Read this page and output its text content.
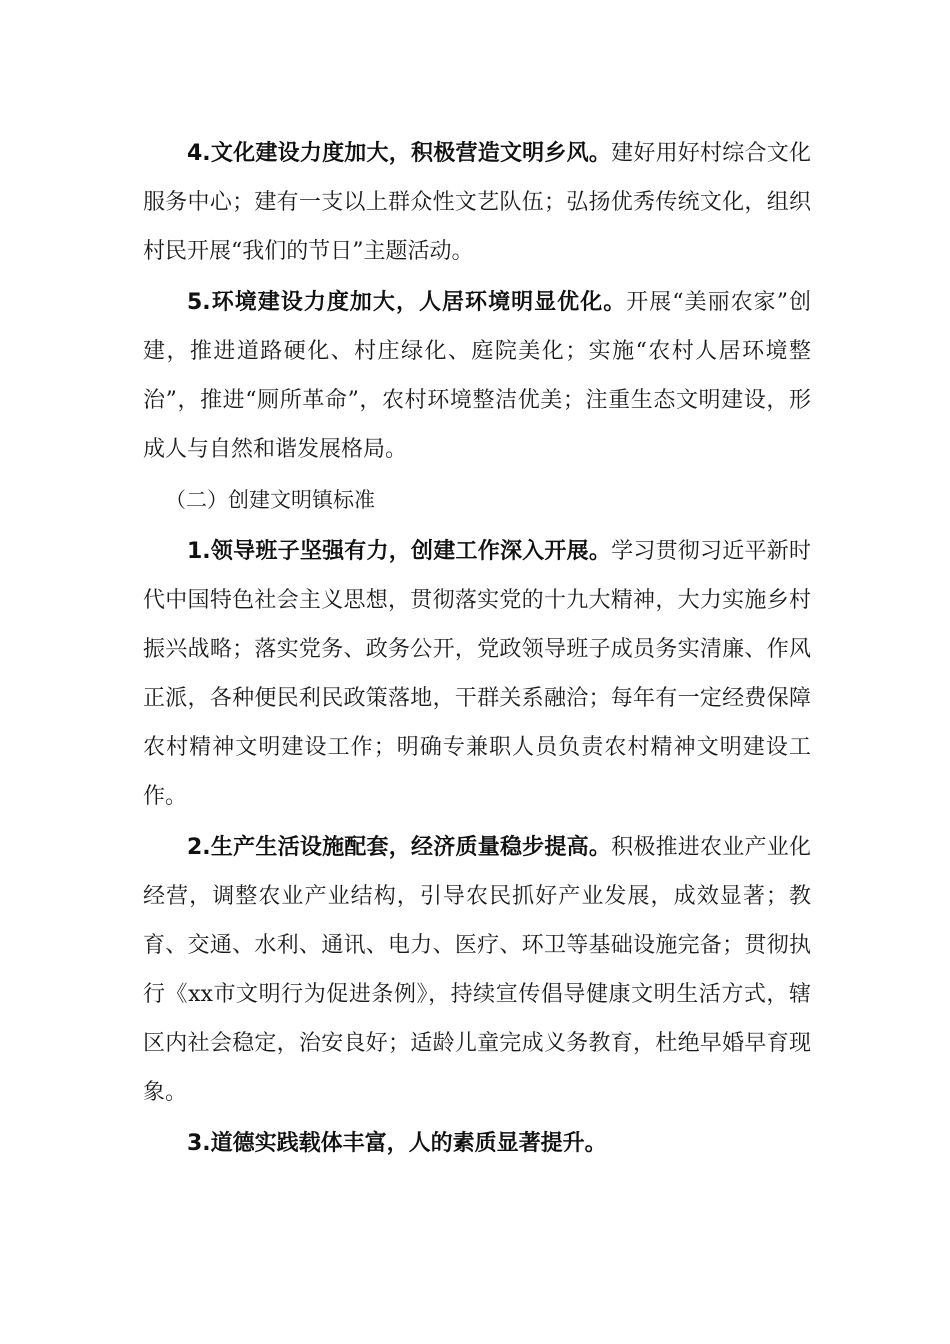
4.文化建设力度加大，积极营造文明乡风。建好用好村综合文化服务中心；建有一支以上群众性文艺队伍；弘扬优秀传统文化，组织村民开展“我们的节日”主题活动。

5.环境建设力度加大，人居环境明显优化。开展“美丽农家”创建，推进道路硬化、村庄绿化、庭院美化；实施“农村人居环境整治”，推进“厕所革命”，农村环境整洁优美；注重生态文明建设，形成人与自然和谐发展格局。

（二）创建文明镇标准

1.领导班子坚强有力，创建工作深入开展。学习贯彻习近平新时代中国特色社会主义思想，贯彻落实党的十九大精神，大力实施乡村振兴战略；落实党务、政务公开，党政领导班子成员务实清廉、作风正派，各种便民利民政策落地，干群关系融洽；每年有一定经费保障农村精神文明建设工作；明确专兼职人员负责农村精神文明建设工作。

2.生产生活设施配套，经济质量稳步提高。积极推进农业产业化经营，调整农业产业结构，引导农民抓好产业发展，成效显著；教育、交通、水利、通讯、电力、医疗、环卫等基础设施完备；贯彻执行《xx市文明行为促进条例》，持续宣传倡导健康文明生活方式，辖区内社会稳定，治安良好；适龄儿童完成义务教育，杜绝早婚早育现象。

3.道德实践载体丰富，人的素质显著提升。
